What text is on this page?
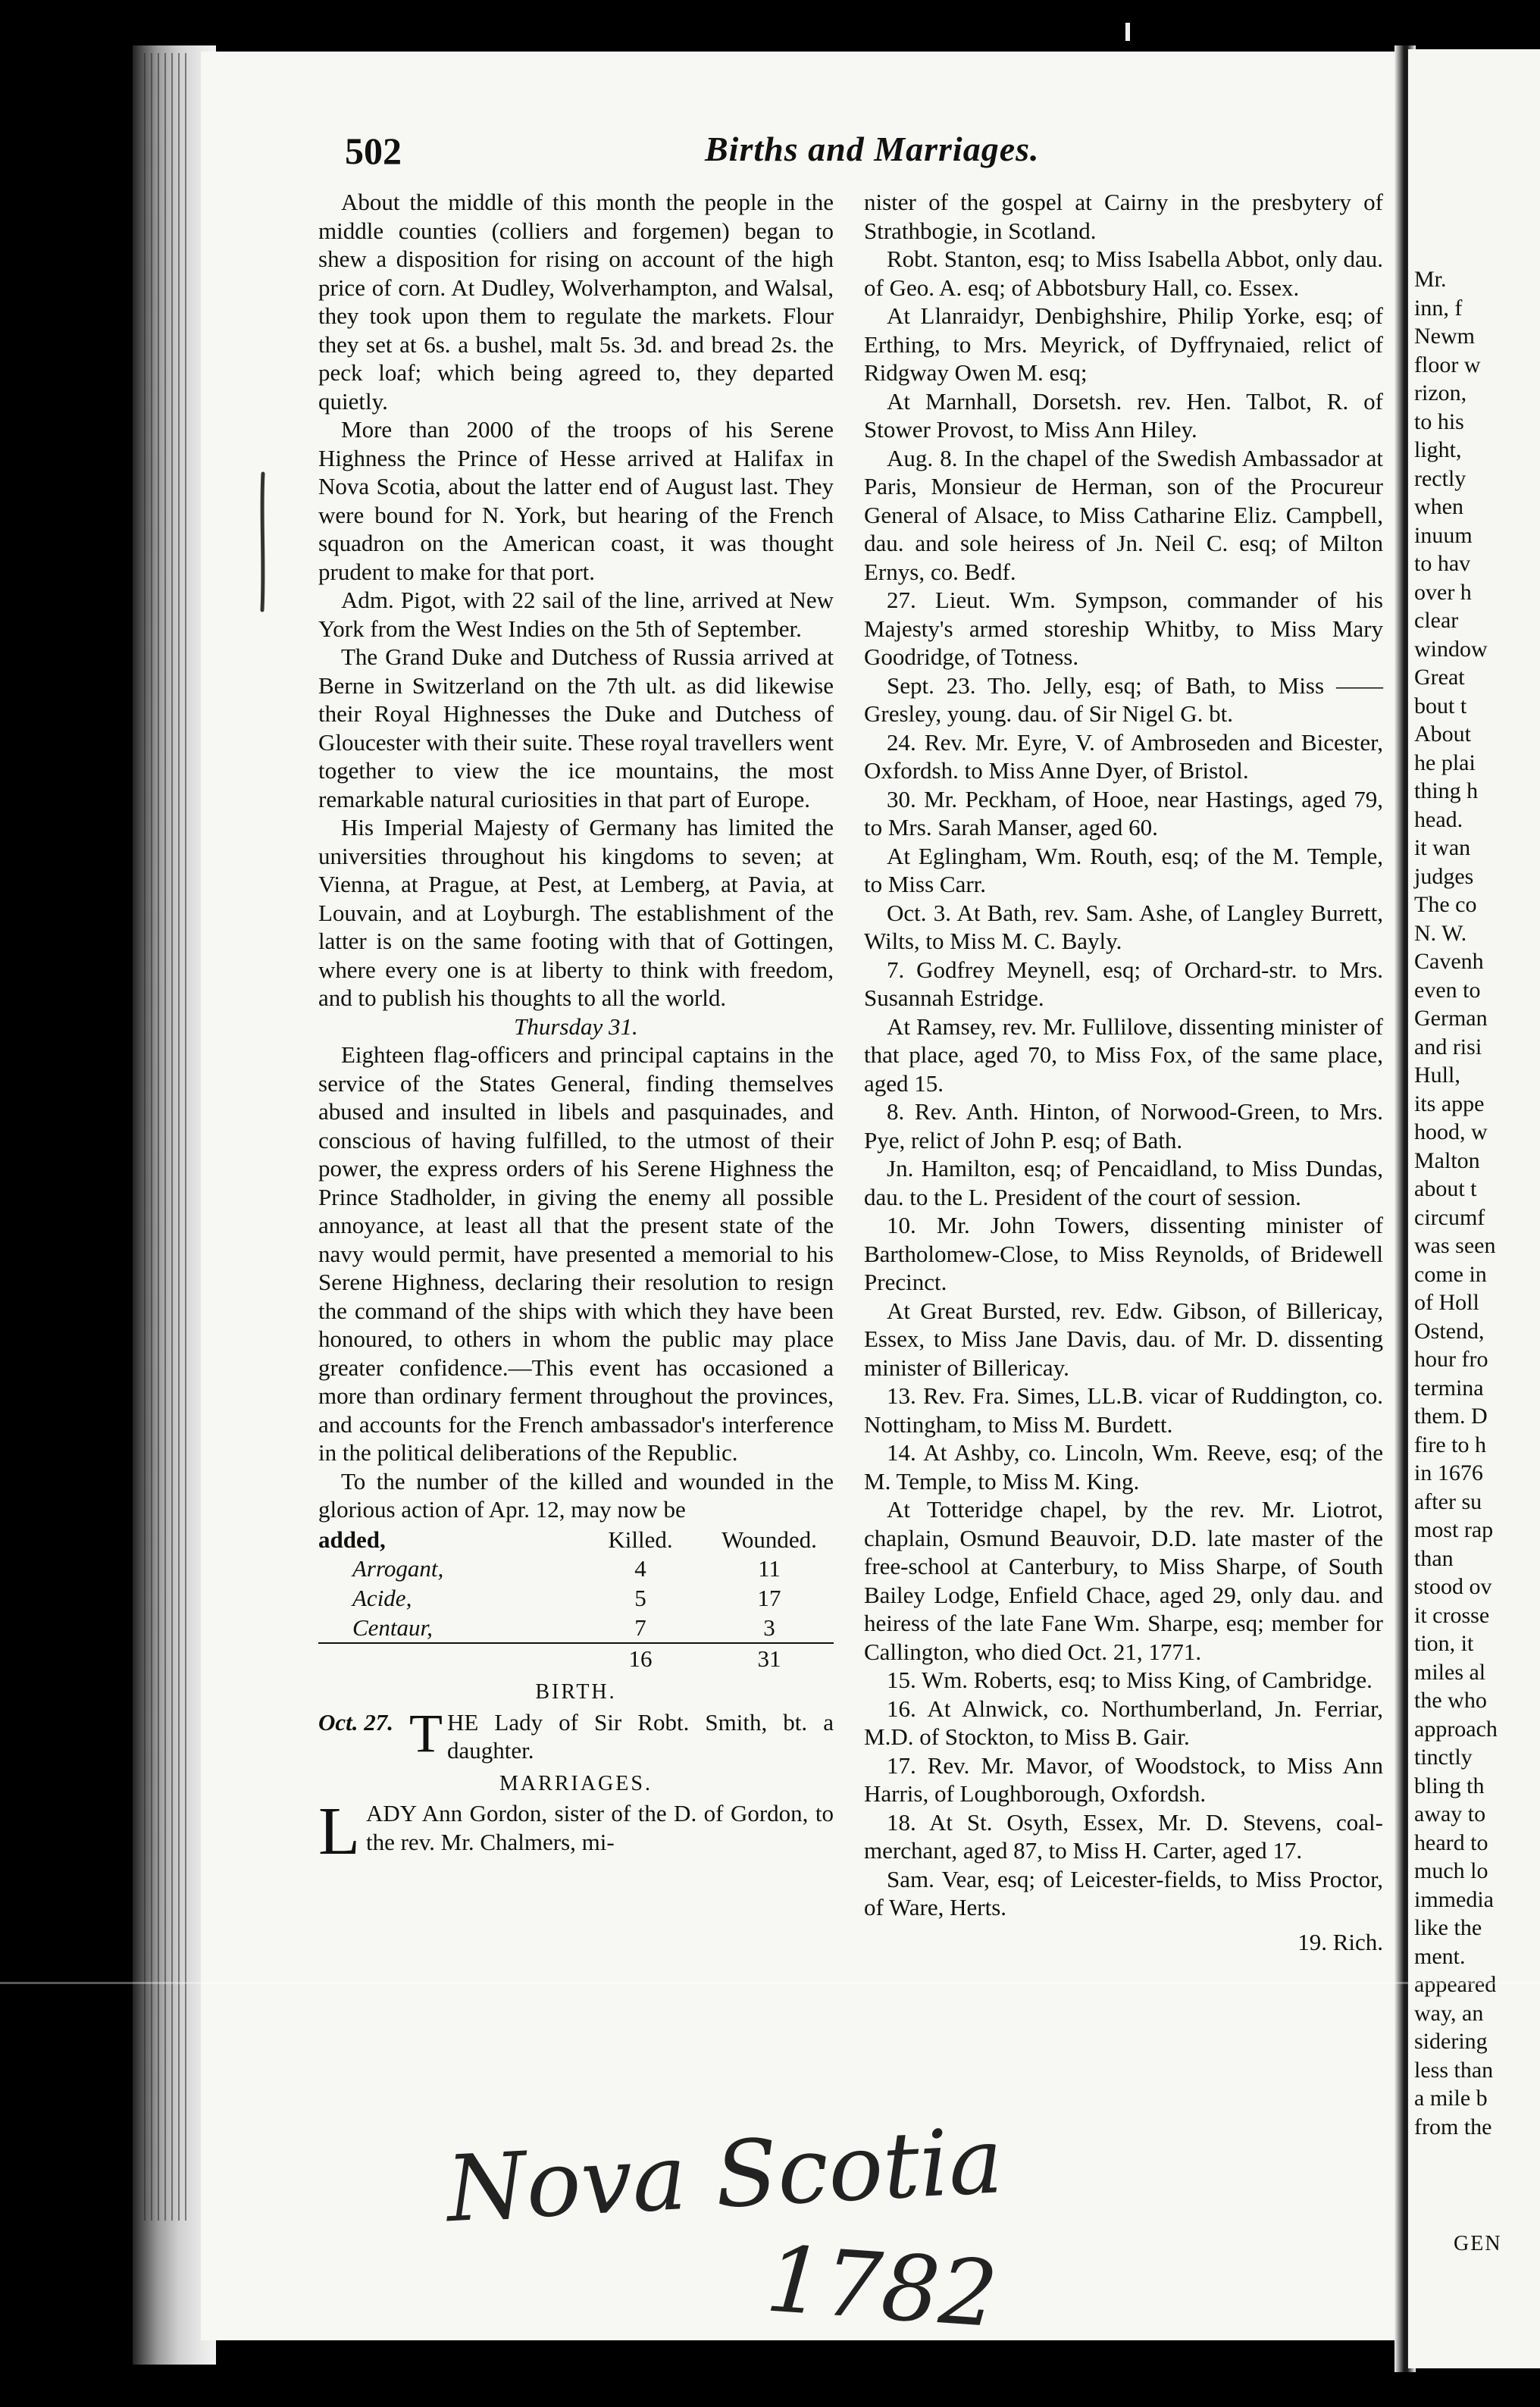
Mr.
inn, f
Newm
floor w
rizon,
to his
light,
rectly
when
inuum
to hav
over h
clear
window
Great
bout t
About
he plai
thing h
head.
it wan
judges
The co
N. W.
Cavenh
even to
German
and risi
Hull,
its appe
hood, w
Malton
about t
circumf
was seen
come in
of Holl
Ostend,
hour fro
termina
them. D
fire to h
in 1676
after su
most rap
than
stood ov
it crosse
tion, it
miles al
the who
approach
tinctly
bling th
away to
heard to
much lo
immedia
like the
ment.
appeared
way, an
sidering
less than
a mile b
from the
GEN
502	Births and Marriages.

About the middle of this month the people in the middle counties (colliers and forgemen) began to shew a disposition for rising on account of the high price of corn. At Dudley, Wolverhampton, and Walsal, they took upon them to regulate the markets. Flour they set at 6s. a bushel, malt 5s. 3d. and bread 2s. the peck loaf; which being agreed to, they departed quietly.

More than 2000 of the troops of his Serene Highness the Prince of Hesse arrived at Halifax in Nova Scotia, about the latter end of August last. They were bound for N. York, but hearing of the French squadron on the American coast, it was thought prudent to make for that port.

Adm. Pigot, with 22 sail of the line, arrived at New York from the West Indies on the 5th of September.

The Grand Duke and Dutchess of Russia arrived at Berne in Switzerland on the 7th ult. as did likewise their Royal Highnesses the Duke and Dutchess of Gloucester with their suite. These royal travellers went together to view the ice mountains, the most remarkable natural curiosities in that part of Europe.

His Imperial Majesty of Germany has limited the universities throughout his kingdoms to seven; at Vienna, at Prague, at Pest, at Lemberg, at Pavia, at Louvain, and at Loyburgh. The establishment of the latter is on the same footing with that of Gottingen, where every one is at liberty to think with freedom, and to publish his thoughts to all the world.

Thursday 31.

Eighteen flag-officers and principal captains in the service of the States General, finding themselves abused and insulted in libels and pasquinades, and conscious of having fulfilled, to the utmost of their power, the express orders of his Serene Highness the Prince Stadholder, in giving the enemy all possible annoyance, at least all that the present state of the navy would permit, have presented a memorial to his Serene Highness, declaring their resolution to resign the command of the ships with which they have been honoured, to others in whom the public may place greater confidence.—This event has occasioned a more than ordinary ferment throughout the provinces, and accounts for the French ambassador's interference in the political deliberations of the Republic.

To the number of the killed and wounded in the glorious action of Apr. 12, may now be

added,	Killed.	Wounded.
Arrogant,	4	11
Acide,	5	17
Centaur,	7	3
	16	31
BIRTH.
Oct. 27. T HE Lady of Sir Robt. Smith, bt. a daughter.
MARRIAGES.
L ADY Ann Gordon, sister of the D. of Gordon, to the rev. Mr. Chalmers, mi-

nister of the gospel at Cairny in the presbytery of Strathbogie, in Scotland.

Robt. Stanton, esq; to Miss Isabella Abbot, only dau. of Geo. A. esq; of Abbotsbury Hall, co. Essex.

At Llanraidyr, Denbighshire, Philip Yorke, esq; of Erthing, to Mrs. Meyrick, of Dyffrynaied, relict of Ridgway Owen M. esq;

At Marnhall, Dorsetsh. rev. Hen. Talbot, R. of Stower Provost, to Miss Ann Hiley.

Aug. 8. In the chapel of the Swedish Ambassador at Paris, Monsieur de Herman, son of the Procureur General of Alsace, to Miss Catharine Eliz. Campbell, dau. and sole heiress of Jn. Neil C. esq; of Milton Ernys, co. Bedf.

27. Lieut. Wm. Sympson, commander of his Majesty's armed storeship Whitby, to Miss Mary Goodridge, of Totness.

Sept. 23. Tho. Jelly, esq; of Bath, to Miss —— Gresley, young. dau. of Sir Nigel G. bt.

24. Rev. Mr. Eyre, V. of Ambroseden and Bicester, Oxfordsh. to Miss Anne Dyer, of Bristol.

30. Mr. Peckham, of Hooe, near Hastings, aged 79, to Mrs. Sarah Manser, aged 60.

At Eglingham, Wm. Routh, esq; of the M. Temple, to Miss Carr.

Oct. 3. At Bath, rev. Sam. Ashe, of Langley Burrett, Wilts, to Miss M. C. Bayly.

7. Godfrey Meynell, esq; of Orchard-str. to Mrs. Susannah Estridge.

At Ramsey, rev. Mr. Fullilove, dissenting minister of that place, aged 70, to Miss Fox, of the same place, aged 15.

8. Rev. Anth. Hinton, of Norwood-Green, to Mrs. Pye, relict of John P. esq; of Bath.

Jn. Hamilton, esq; of Pencaidland, to Miss Dundas, dau. to the L. President of the court of session.

10. Mr. John Towers, dissenting minister of Bartholomew-Close, to Miss Reynolds, of Bridewell Precinct.

At Great Bursted, rev. Edw. Gibson, of Billericay, Essex, to Miss Jane Davis, dau. of Mr. D. dissenting minister of Billericay.

13. Rev. Fra. Simes, LL.B. vicar of Ruddington, co. Nottingham, to Miss M. Burdett.

14. At Ashby, co. Lincoln, Wm. Reeve, esq; of the M. Temple, to Miss M. King.

At Totteridge chapel, by the rev. Mr. Liotrot, chaplain, Osmund Beauvoir, D.D. late master of the free-school at Canterbury, to Miss Sharpe, of South Bailey Lodge, Enfield Chace, aged 29, only dau. and heiress of the late Fane Wm. Sharpe, esq; member for Callington, who died Oct. 21, 1771.

15. Wm. Roberts, esq; to Miss King, of Cambridge.

16. At Alnwick, co. Northumberland, Jn. Ferriar, M.D. of Stockton, to Miss B. Gair.

17. Rev. Mr. Mavor, of Woodstock, to Miss Ann Harris, of Loughborough, Oxfordsh.

18. At St. Osyth, Essex, Mr. D. Stevens, coal-merchant, aged 87, to Miss H. Carter, aged 17.

Sam. Vear, esq; of Leicester-fields, to Miss Proctor, of Ware, Herts.

19. Rich.
Nova Scotia
1782
